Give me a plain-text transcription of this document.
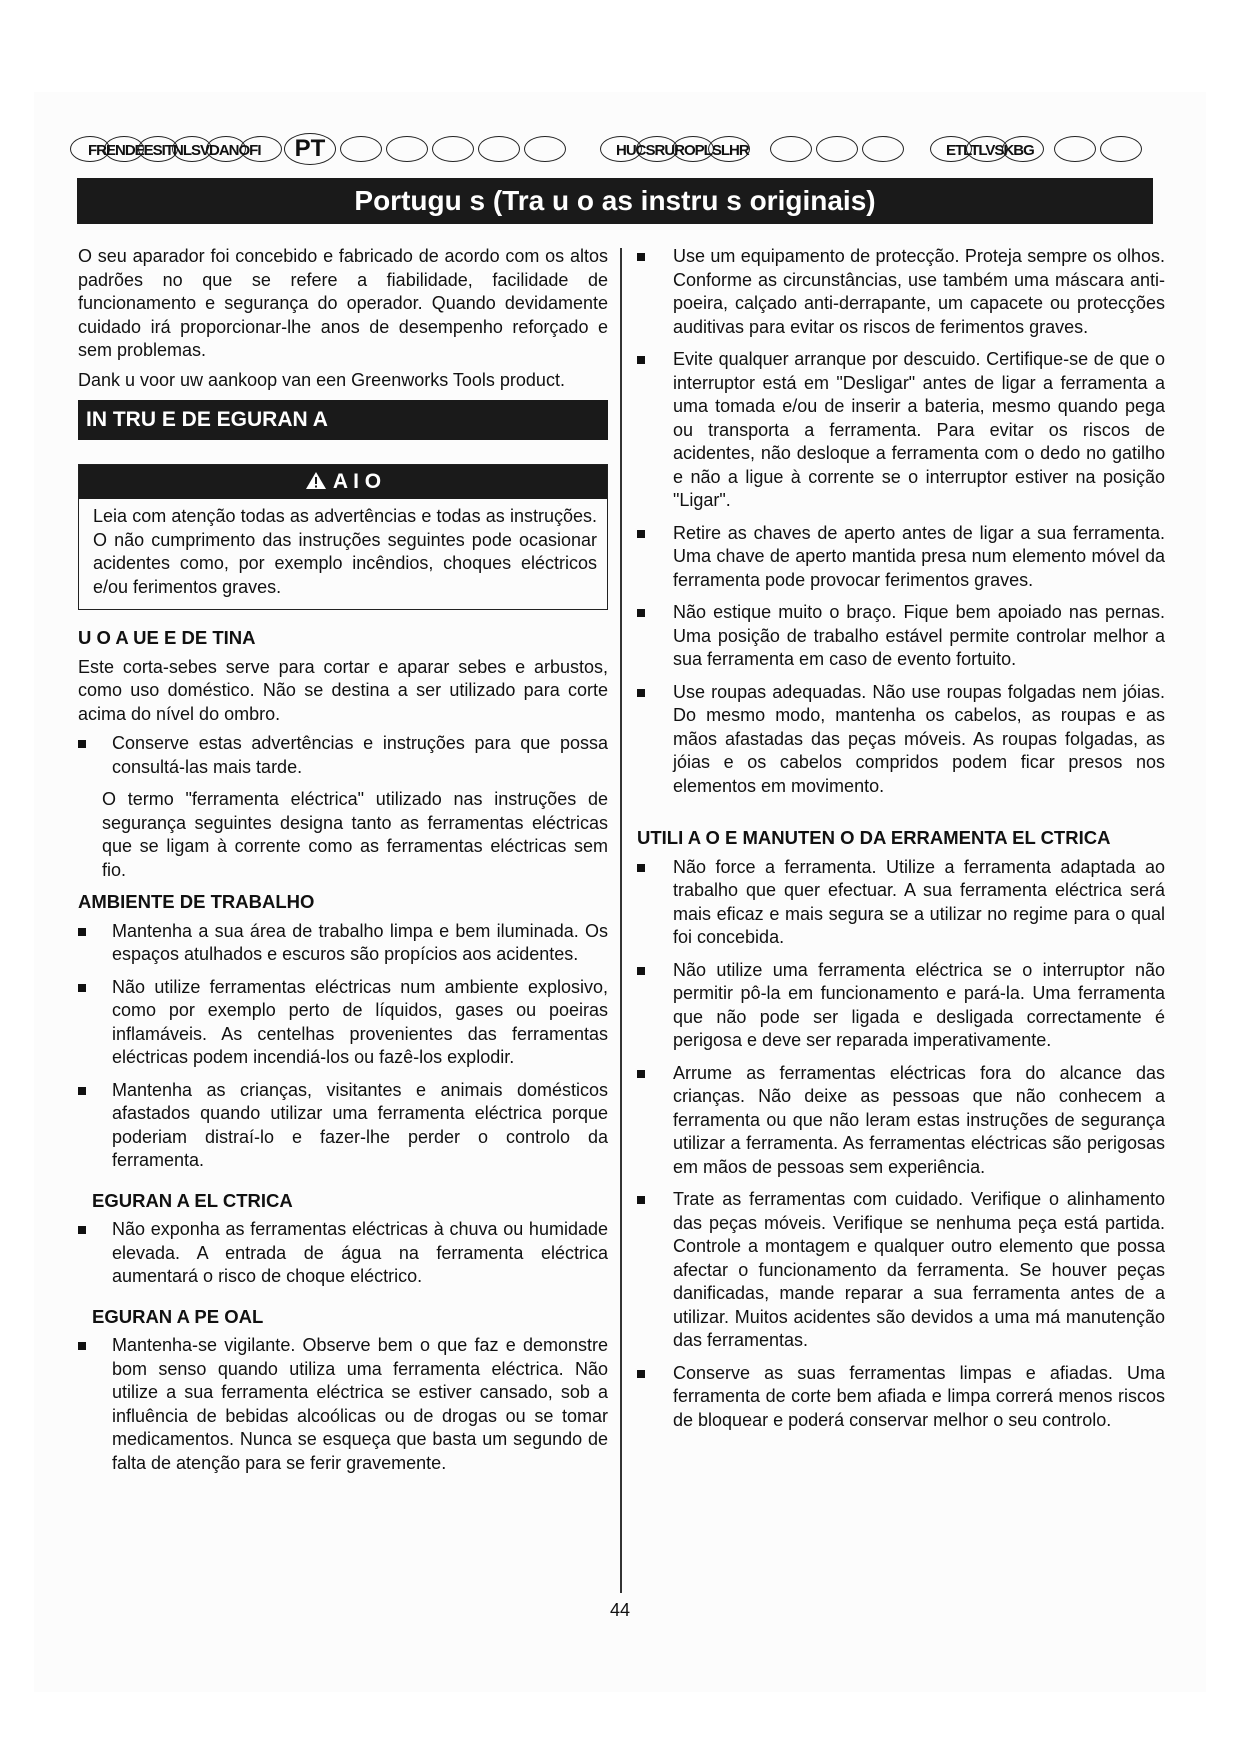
FRENDEESITNLSVDANOFI	PT	HUCSRUROPLSLHR	ETLTLVSKBG
Portugu s (Tra u o as instru s originais)

O seu aparador foi concebido e fabricado de acordo com os altos padrões no que se refere a fiabilidade, facilidade de funcionamento e segurança do operador. Quando devidamente cuidado irá proporcionar-lhe anos de desempenho reforçado e sem problemas.

Dank u voor uw aankoop van een Greenworks Tools product.

IN TRU E DE EGURAN A
A I O
Leia com atenção todas as advertências e todas as instruções. O não cumprimento das instruções seguintes pode ocasionar acidentes como, por exemplo incêndios, choques eléctricos e/ou ferimentos graves.
U O A UE E DE TINA

Este corta-sebes serve para cortar e aparar sebes e arbustos, como uso doméstico. Não se destina a ser utilizado para corte acima do nível do ombro.

Conserve estas advertências e instruções para que possa consultá-las mais tarde.
O termo "ferramenta eléctrica" utilizado nas instruções de segurança seguintes designa tanto as ferramentas eléctricas que se ligam à corrente como as ferramentas eléctricas sem fio.
AMBIENTE DE TRABALHO
Mantenha a sua área de trabalho limpa e bem iluminada. Os espaços atulhados e escuros são propícios aos acidentes.
Não utilize ferramentas eléctricas num ambiente explosivo, como por exemplo perto de líquidos, gases ou poeiras inflamáveis. As centelhas provenientes das ferramentas eléctricas podem incendiá-los ou fazê-los explodir.
Mantenha as crianças, visitantes e animais domésticos afastados quando utilizar uma ferramenta eléctrica porque poderiam distraí-lo e fazer-lhe perder o controlo da ferramenta.
EGURAN A EL CTRICA
Não exponha as ferramentas eléctricas à chuva ou humidade elevada. A entrada de água na ferramenta eléctrica aumentará o risco de choque eléctrico.
EGURAN A PE OAL
Mantenha-se vigilante. Observe bem o que faz e demonstre bom senso quando utiliza uma ferramenta eléctrica. Não utilize a sua ferramenta eléctrica se estiver cansado, sob a influência de bebidas alcoólicas ou de drogas ou se tomar medicamentos. Nunca se esqueça que basta um segundo de falta de atenção para se ferir gravemente.
Use um equipamento de protecção. Proteja sempre os olhos. Conforme as circunstâncias, use também uma máscara anti-poeira, calçado anti-derrapante, um capacete ou protecções auditivas para evitar os riscos de ferimentos graves.
Evite qualquer arranque por descuido. Certifique-se de que o interruptor está em "Desligar" antes de ligar a ferramenta a uma tomada e/ou de inserir a bateria, mesmo quando pega ou transporta a ferramenta. Para evitar os riscos de acidentes, não desloque a ferramenta com o dedo no gatilho e não a ligue à corrente se o interruptor estiver na posição "Ligar".
Retire as chaves de aperto antes de ligar a sua ferramenta. Uma chave de aperto mantida presa num elemento móvel da ferramenta pode provocar ferimentos graves.
Não estique muito o braço. Fique bem apoiado nas pernas. Uma posição de trabalho estável permite controlar melhor a sua ferramenta em caso de evento fortuito.
Use roupas adequadas. Não use roupas folgadas nem jóias. Do mesmo modo, mantenha os cabelos, as roupas e as mãos afastadas das peças móveis. As roupas folgadas, as jóias e os cabelos compridos podem ficar presos nos elementos em movimento.
UTILI A O E MANUTEN O DA ERRAMENTA EL CTRICA
Não force a ferramenta. Utilize a ferramenta adaptada ao trabalho que quer efectuar. A sua ferramenta eléctrica será mais eficaz e mais segura se a utilizar no regime para o qual foi concebida.
Não utilize uma ferramenta eléctrica se o interruptor não permitir pô-la em funcionamento e pará-la. Uma ferramenta que não pode ser ligada e desligada correctamente é perigosa e deve ser reparada imperativamente.
Arrume as ferramentas eléctricas fora do alcance das crianças. Não deixe as pessoas que não conhecem a ferramenta ou que não leram estas instruções de segurança utilizar a ferramenta. As ferramentas eléctricas são perigosas em mãos de pessoas sem experiência.
Trate as ferramentas com cuidado. Verifique o alinhamento das peças móveis. Verifique se nenhuma peça está partida. Controle a montagem e qualquer outro elemento que possa afectar o funcionamento da ferramenta. Se houver peças danificadas, mande reparar a sua ferramenta antes de a utilizar. Muitos acidentes são devidos a uma má manutenção das ferramentas.
Conserve as suas ferramentas limpas e afiadas. Uma ferramenta de corte bem afiada e limpa correrá menos riscos de bloquear e poderá conservar melhor o seu controlo.
44
